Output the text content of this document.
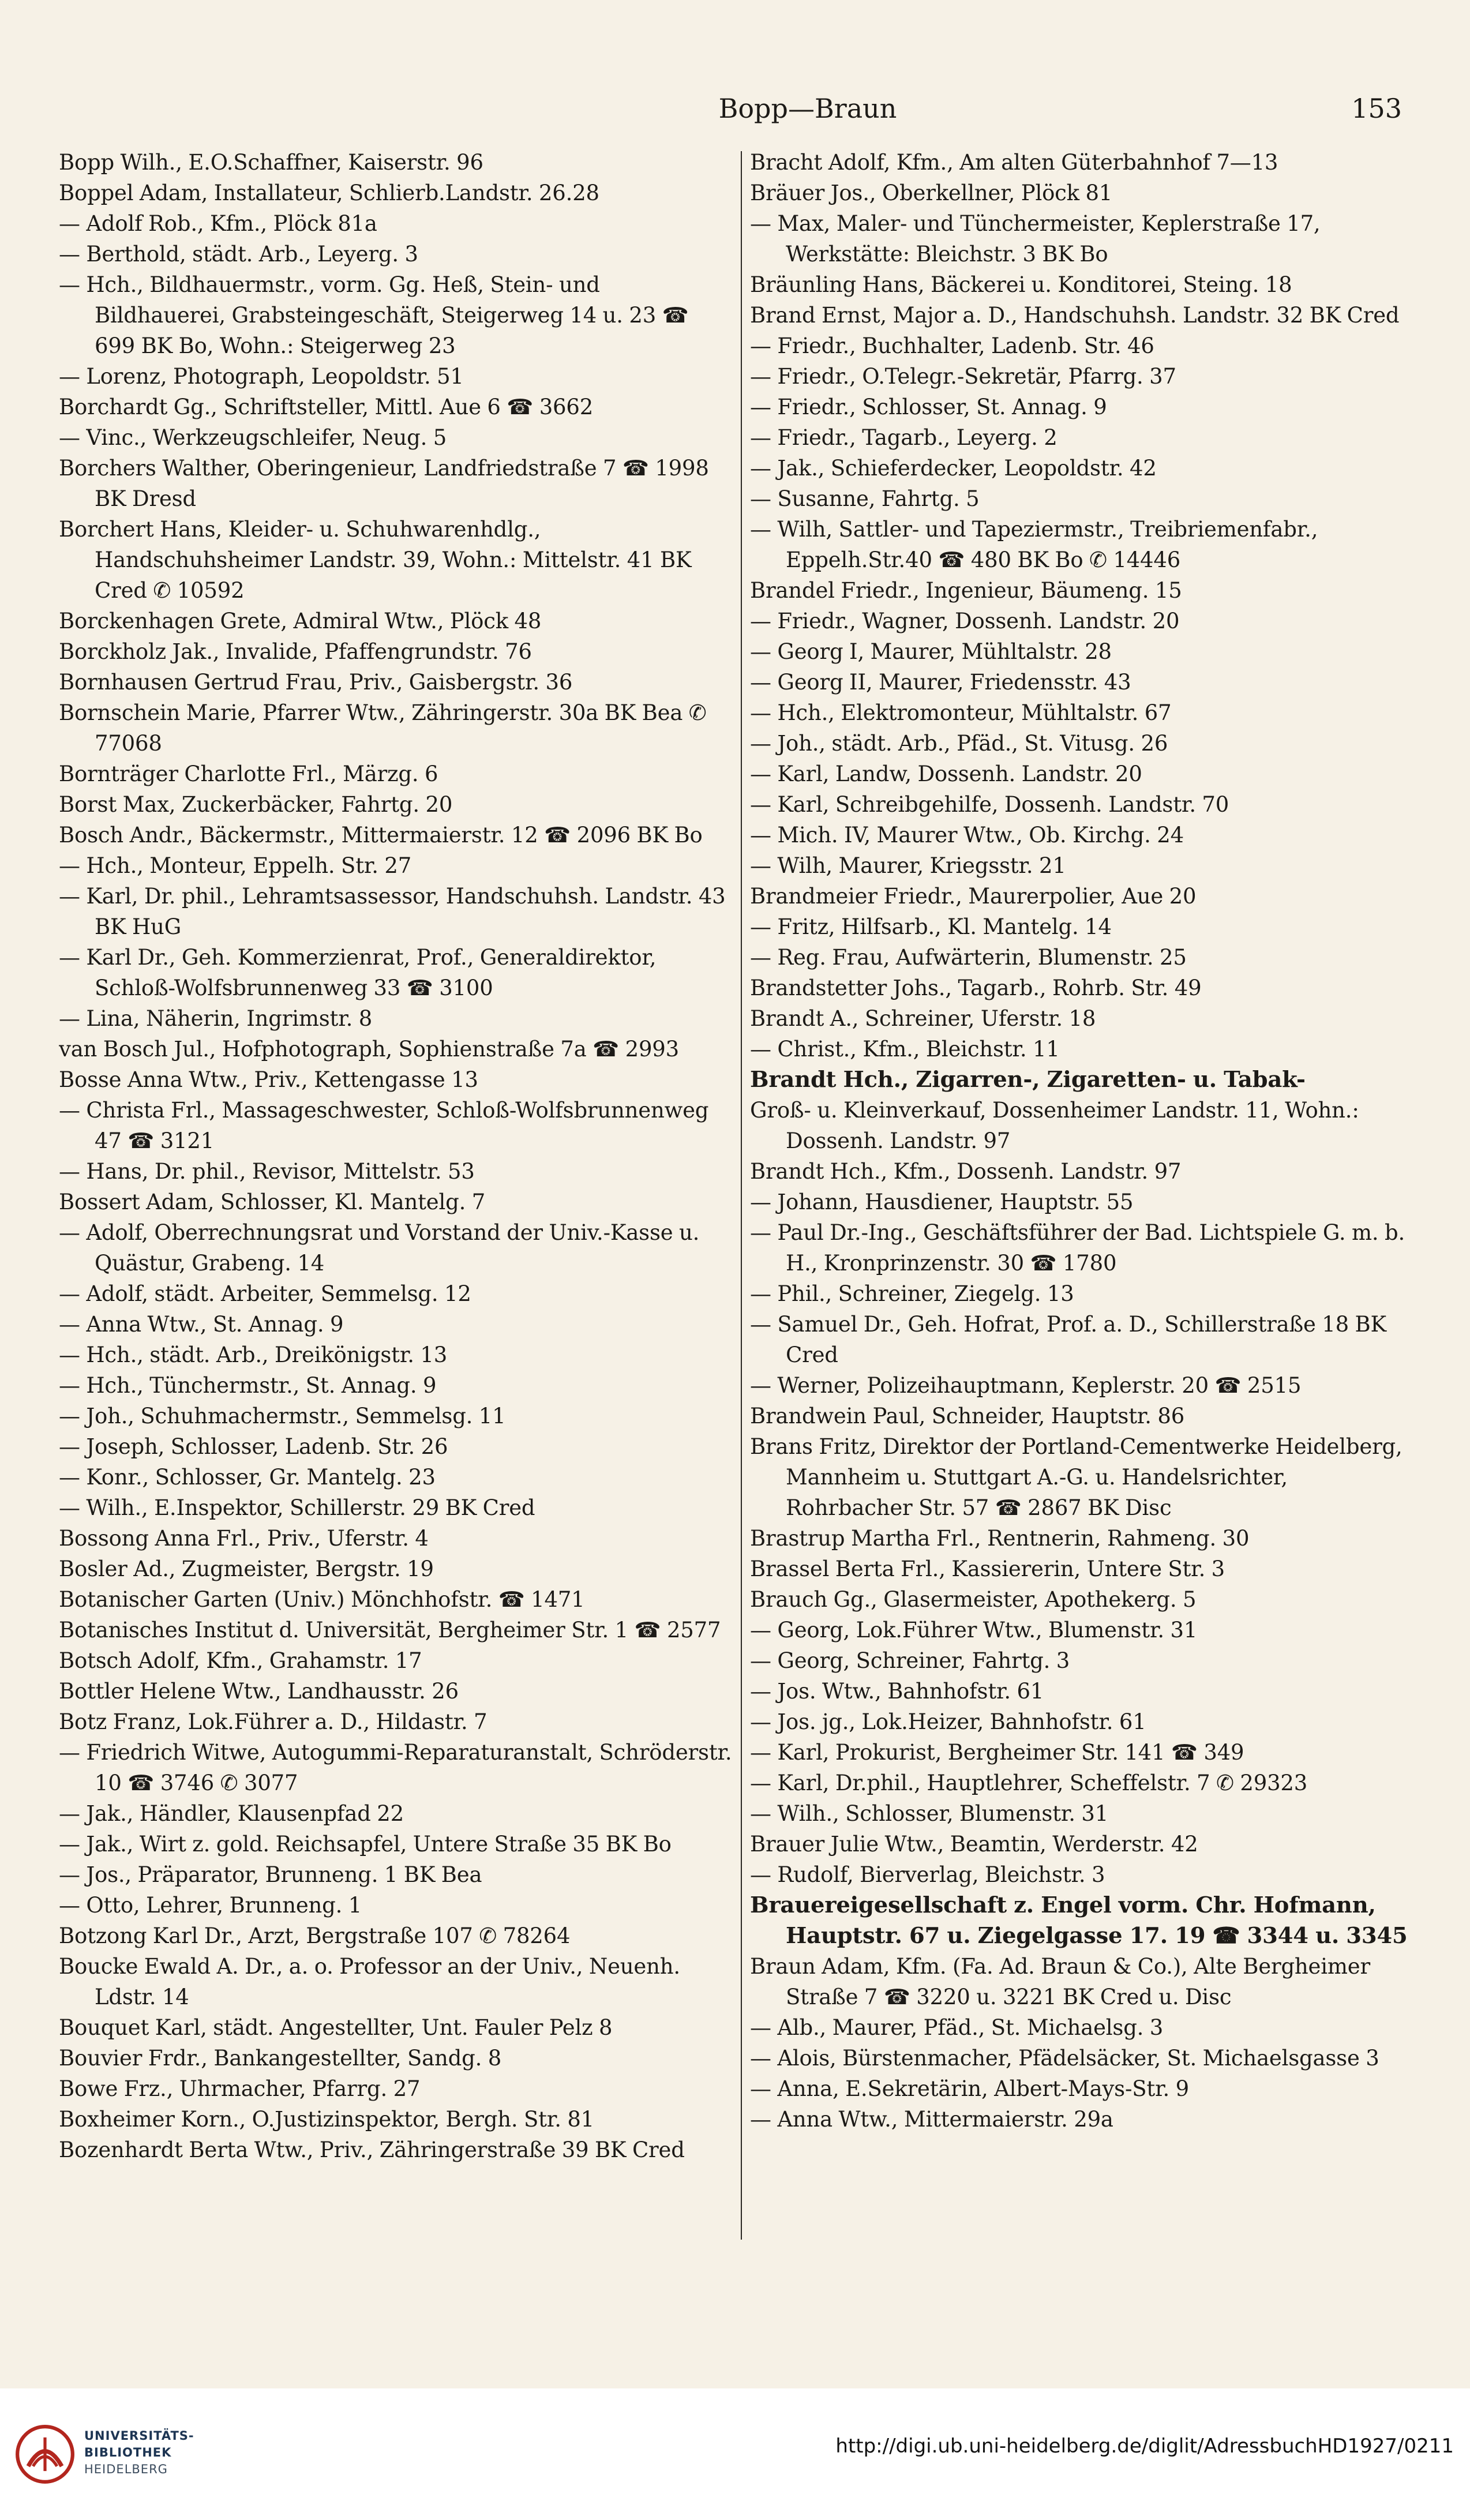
Bopp—Braun	153

Bopp Wilh., E.O.Schaffner, Kaiserstr. 96

Boppel Adam, Installateur, Schlierb.Landstr. 26.28

— Adolf Rob., Kfm., Plöck 81a

— Berthold, städt. Arb., Leyerg. 3

— Hch., Bildhauermstr., vorm. Gg. Heß, Stein- und Bildhauerei, Grabsteingeschäft, Steigerweg 14 u. 23 ☎ 699 BK Bo, Wohn.: Steigerweg 23

— Lorenz, Photograph, Leopoldstr. 51

Borchardt Gg., Schriftsteller, Mittl. Aue 6 ☎ 3662

— Vinc., Werkzeugschleifer, Neug. 5

Borchers Walther, Oberingenieur, Landfriedstraße 7 ☎ 1998 BK Dresd

Borchert Hans, Kleider- u. Schuhwarenhdlg., Handschuhsheimer Landstr. 39, Wohn.: Mittelstr. 41 BK Cred ✆ 10592

Borckenhagen Grete, Admiral Wtw., Plöck 48

Borckholz Jak., Invalide, Pfaffengrundstr. 76

Bornhausen Gertrud Frau, Priv., Gaisbergstr. 36

Bornschein Marie, Pfarrer Wtw., Zähringerstr. 30a BK Bea ✆ 77068

Bornträger Charlotte Frl., Märzg. 6

Borst Max, Zuckerbäcker, Fahrtg. 20

Bosch Andr., Bäckermstr., Mittermaierstr. 12 ☎ 2096 BK Bo

— Hch., Monteur, Eppelh. Str. 27

— Karl, Dr. phil., Lehramtsassessor, Handschuhsh. Landstr. 43 BK HuG

— Karl Dr., Geh. Kommerzienrat, Prof., Generaldirektor, Schloß-Wolfsbrunnenweg 33 ☎ 3100

— Lina, Näherin, Ingrimstr. 8

van Bosch Jul., Hofphotograph, Sophienstraße 7a ☎ 2993

Bosse Anna Wtw., Priv., Kettengasse 13

— Christa Frl., Massageschwester, Schloß-Wolfsbrunnenweg 47 ☎ 3121

— Hans, Dr. phil., Revisor, Mittelstr. 53

Bossert Adam, Schlosser, Kl. Mantelg. 7

— Adolf, Oberrechnungsrat und Vorstand der Univ.-Kasse u. Quästur, Grabeng. 14

— Adolf, städt. Arbeiter, Semmelsg. 12

— Anna Wtw., St. Annag. 9

— Hch., städt. Arb., Dreikönigstr. 13

— Hch., Tünchermstr., St. Annag. 9

— Joh., Schuhmachermstr., Semmelsg. 11

— Joseph, Schlosser, Ladenb. Str. 26

— Konr., Schlosser, Gr. Mantelg. 23

— Wilh., E.Inspektor, Schillerstr. 29 BK Cred

Bossong Anna Frl., Priv., Uferstr. 4

Bosler Ad., Zugmeister, Bergstr. 19

Botanischer Garten (Univ.) Mönchhofstr. ☎ 1471

Botanisches Institut d. Universität, Bergheimer Str. 1 ☎ 2577

Botsch Adolf, Kfm., Grahamstr. 17

Bottler Helene Wtw., Landhausstr. 26

Botz Franz, Lok.Führer a. D., Hildastr. 7

— Friedrich Witwe, Autogummi-Reparaturanstalt, Schröderstr. 10 ☎ 3746 ✆ 3077

— Jak., Händler, Klausenpfad 22

— Jak., Wirt z. gold. Reichsapfel, Untere Straße 35 BK Bo

— Jos., Präparator, Brunneng. 1 BK Bea

— Otto, Lehrer, Brunneng. 1

Botzong Karl Dr., Arzt, Bergstraße 107 ✆ 78264

Boucke Ewald A. Dr., a. o. Professor an der Univ., Neuenh. Ldstr. 14

Bouquet Karl, städt. Angestellter, Unt. Fauler Pelz 8

Bouvier Frdr., Bankangestellter, Sandg. 8

Bowe Frz., Uhrmacher, Pfarrg. 27

Boxheimer Korn., O.Justizinspektor, Bergh. Str. 81

Bozenhardt Berta Wtw., Priv., Zähringerstraße 39 BK Cred

Bracht Adolf, Kfm., Am alten Güterbahnhof 7—13

Bräuer Jos., Oberkellner, Plöck 81

— Max, Maler- und Tünchermeister, Keplerstraße 17, Werkstätte: Bleichstr. 3 BK Bo

Bräunling Hans, Bäckerei u. Konditorei, Steing. 18

Brand Ernst, Major a. D., Handschuhsh. Landstr. 32 BK Cred

— Friedr., Buchhalter, Ladenb. Str. 46

— Friedr., O.Telegr.-Sekretär, Pfarrg. 37

— Friedr., Schlosser, St. Annag. 9

— Friedr., Tagarb., Leyerg. 2

— Jak., Schieferdecker, Leopoldstr. 42

— Susanne, Fahrtg. 5

— Wilh, Sattler- und Tapeziermstr., Treibriemenfabr., Eppelh.Str.40 ☎ 480 BK Bo ✆ 14446

Brandel Friedr., Ingenieur, Bäumeng. 15

— Friedr., Wagner, Dossenh. Landstr. 20

— Georg I, Maurer, Mühltalstr. 28

— Georg II, Maurer, Friedensstr. 43

— Hch., Elektromonteur, Mühltalstr. 67

— Joh., städt. Arb., Pfäd., St. Vitusg. 26

— Karl, Landw, Dossenh. Landstr. 20

— Karl, Schreibgehilfe, Dossenh. Landstr. 70

— Mich. IV, Maurer Wtw., Ob. Kirchg. 24

— Wilh, Maurer, Kriegsstr. 21

Brandmeier Friedr., Maurerpolier, Aue 20

— Fritz, Hilfsarb., Kl. Mantelg. 14

— Reg. Frau, Aufwärterin, Blumenstr. 25

Brandstetter Johs., Tagarb., Rohrb. Str. 49

Brandt A., Schreiner, Uferstr. 18

— Christ., Kfm., Bleichstr. 11

Brandt Hch., Zigarren-, Zigaretten- u. Tabak-

Groß- u. Kleinverkauf, Dossenheimer Landstr. 11, Wohn.: Dossenh. Landstr. 97

Brandt Hch., Kfm., Dossenh. Landstr. 97

— Johann, Hausdiener, Hauptstr. 55

— Paul Dr.-Ing., Geschäftsführer der Bad. Lichtspiele G. m. b. H., Kronprinzenstr. 30 ☎ 1780

— Phil., Schreiner, Ziegelg. 13

— Samuel Dr., Geh. Hofrat, Prof. a. D., Schillerstraße 18 BK Cred

— Werner, Polizeihauptmann, Keplerstr. 20 ☎ 2515

Brandwein Paul, Schneider, Hauptstr. 86

Brans Fritz, Direktor der Portland-Cementwerke Heidelberg, Mannheim u. Stuttgart A.-G. u. Handelsrichter, Rohrbacher Str. 57 ☎ 2867 BK Disc

Brastrup Martha Frl., Rentnerin, Rahmeng. 30

Brassel Berta Frl., Kassiererin, Untere Str. 3

Brauch Gg., Glasermeister, Apothekerg. 5

— Georg, Lok.Führer Wtw., Blumenstr. 31

— Georg, Schreiner, Fahrtg. 3

— Jos. Wtw., Bahnhofstr. 61

— Jos. jg., Lok.Heizer, Bahnhofstr. 61

— Karl, Prokurist, Bergheimer Str. 141 ☎ 349

— Karl, Dr.phil., Hauptlehrer, Scheffelstr. 7 ✆ 29323

— Wilh., Schlosser, Blumenstr. 31

Brauer Julie Wtw., Beamtin, Werderstr. 42

— Rudolf, Bierverlag, Bleichstr. 3

Brauereigesellschaft z. Engel vorm. Chr. Hofmann, Hauptstr. 67 u. Ziegelgasse 17. 19 ☎ 3344 u. 3345

Braun Adam, Kfm. (Fa. Ad. Braun & Co.), Alte Bergheimer Straße 7 ☎ 3220 u. 3221 BK Cred u. Disc

— Alb., Maurer, Pfäd., St. Michaelsg. 3

— Alois, Bürstenmacher, Pfädelsäcker, St. Michaelsgasse 3

— Anna, E.Sekretärin, Albert-Mays-Str. 9

— Anna Wtw., Mittermaierstr. 29a

UNIVERSITÄTS-
BIBLIOTHEK
HEIDELBERG
http://digi.ub.uni-heidelberg.de/diglit/AdressbuchHD1927/0211
